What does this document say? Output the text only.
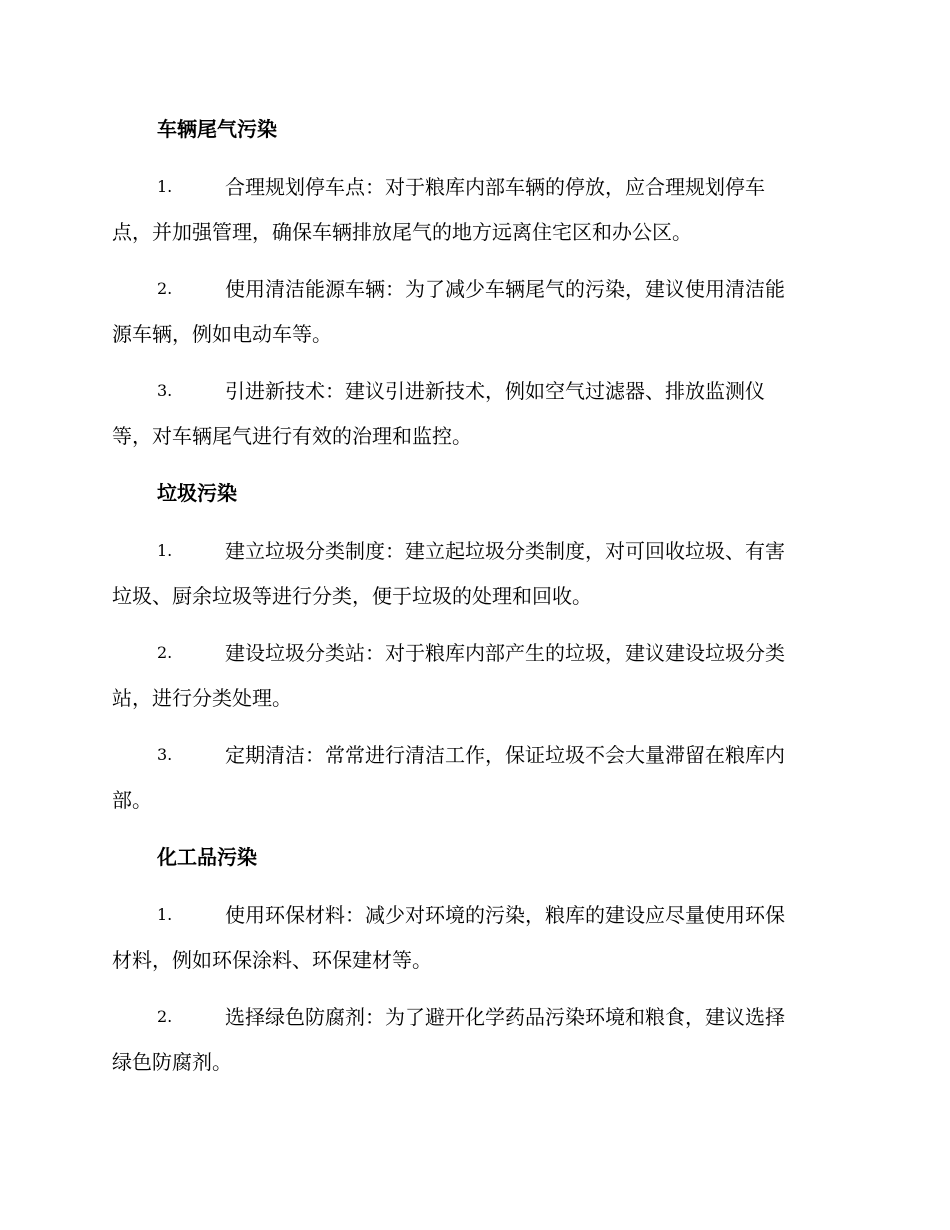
车辆尾气污染
1.	合理规划停车点：对于粮库内部车辆的停放，应合理规划停车
点，并加强管理，确保车辆排放尾气的地方远离住宅区和办公区。
2.	使用清洁能源车辆：为了减少车辆尾气的污染，建议使用清洁能
源车辆，例如电动车等。
3.	引进新技术：建议引进新技术，例如空气过滤器、排放监测仪
等，对车辆尾气进行有效的治理和监控。
垃圾污染
1.	建立垃圾分类制度：建立起垃圾分类制度，对可回收垃圾、有害
垃圾、厨余垃圾等进行分类，便于垃圾的处理和回收。
2.	建设垃圾分类站：对于粮库内部产生的垃圾，建议建设垃圾分类
站，进行分类处理。
3.	定期清洁：常常进行清洁工作，保证垃圾不会大量滞留在粮库内
部。
化工品污染
1.	使用环保材料：减少对环境的污染，粮库的建设应尽量使用环保
材料，例如环保涂料、环保建材等。
2.	选择绿色防腐剂：为了避开化学药品污染环境和粮食，建议选择
绿色防腐剂。
